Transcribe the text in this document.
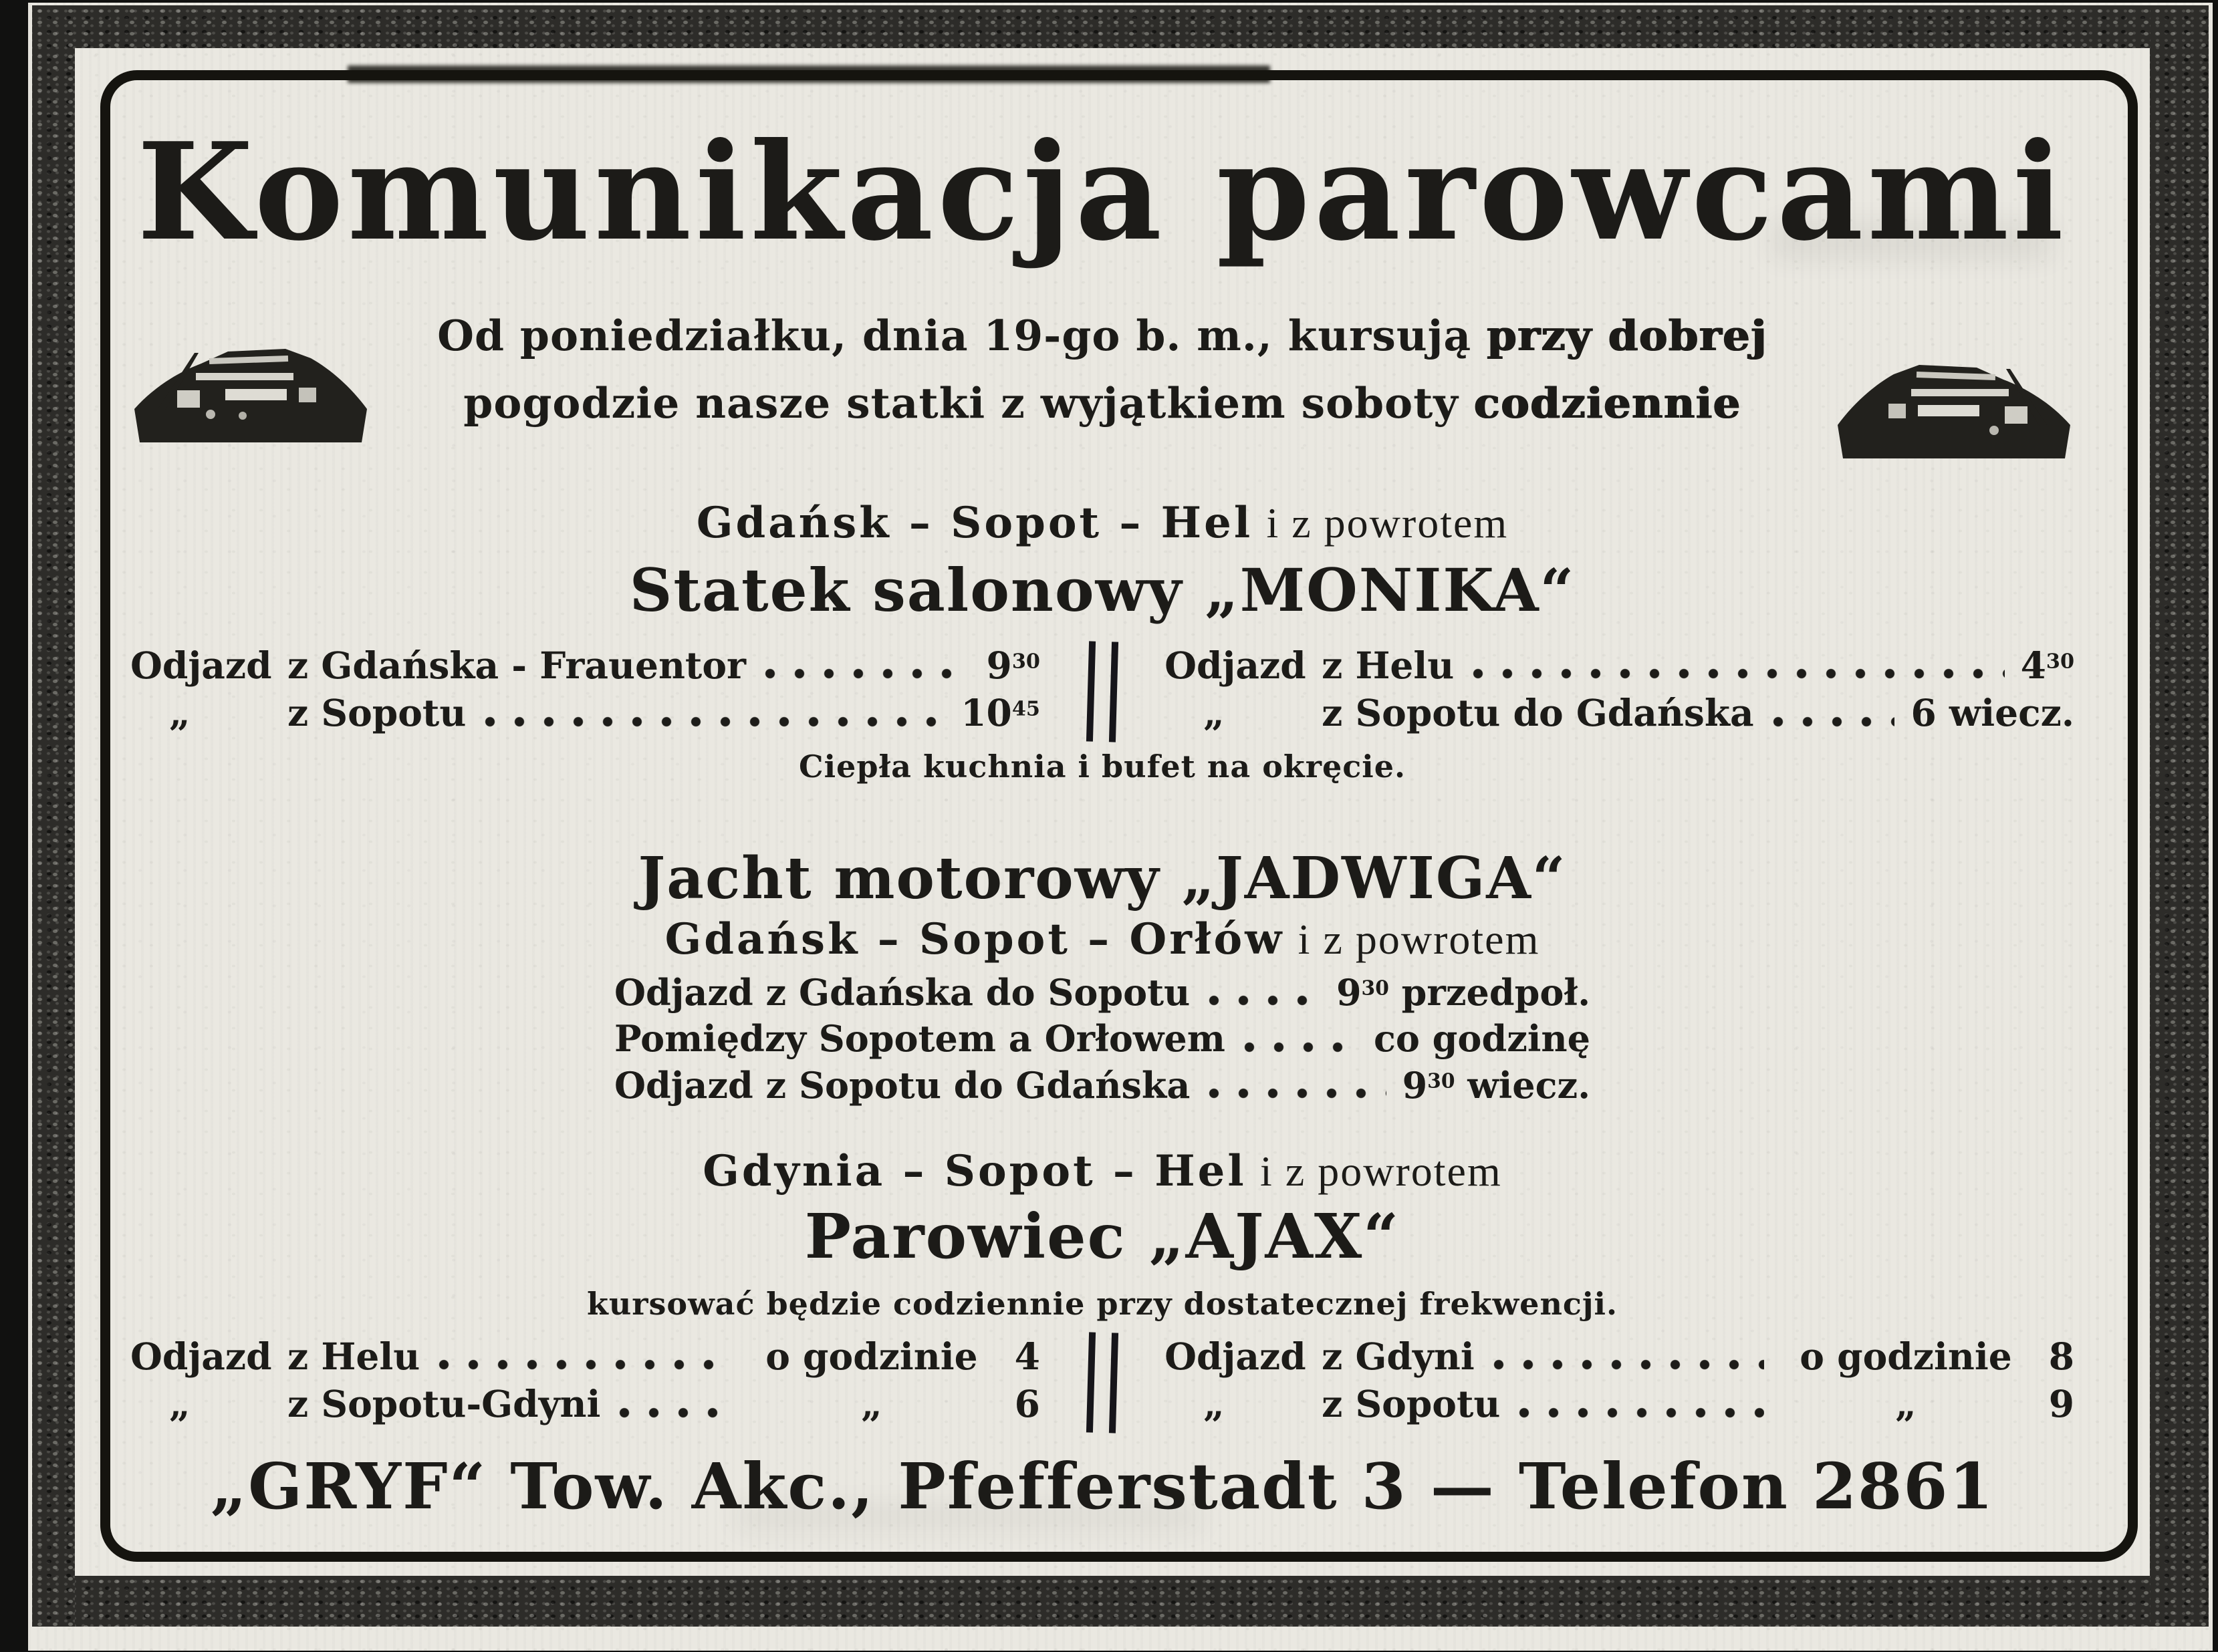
Komunikacja parowcami
Od poniedziałku, dnia 19-go b. m., kursują przy dobrej
pogodzie nasze statki z wyjątkiem soboty codziennie
Gdańsk – Sopot – Hel i z powrotem
Statek salonowy „MONIKA“
Odjazd z Gdańska - Frauentor	$9^{30}$
„	z Sopotu	$10^{45}$
Odjazd z Helu	$4^{30}$
„	z Sopotu do Gdańska	6 wiecz.
Ciepła kuchnia i bufet na okręcie.
Jacht motorowy „JADWIGA“
Gdańsk – Sopot – Orłów i z powrotem
Odjazd z Gdańska do Sopotu	$9^{30}$ przedpoł.
Pomiędzy Sopotem a Orłowem	co godzinę
Odjazd z Sopotu do Gdańska	$9^{30}$ wiecz.
Gdynia – Sopot – Hel i z powrotem
Parowiec „AJAX“
kursować będzie codziennie przy dostatecznej frekwencji.
Odjazd z Helu	o godzinie	4
„	z Sopotu-Gdyni	„	6
Odjazd z Gdyni	o godzinie	8
„	z Sopotu	„	9
„GRYF“ Tow. Akc., Pfefferstadt 3 — Telefon 2861
